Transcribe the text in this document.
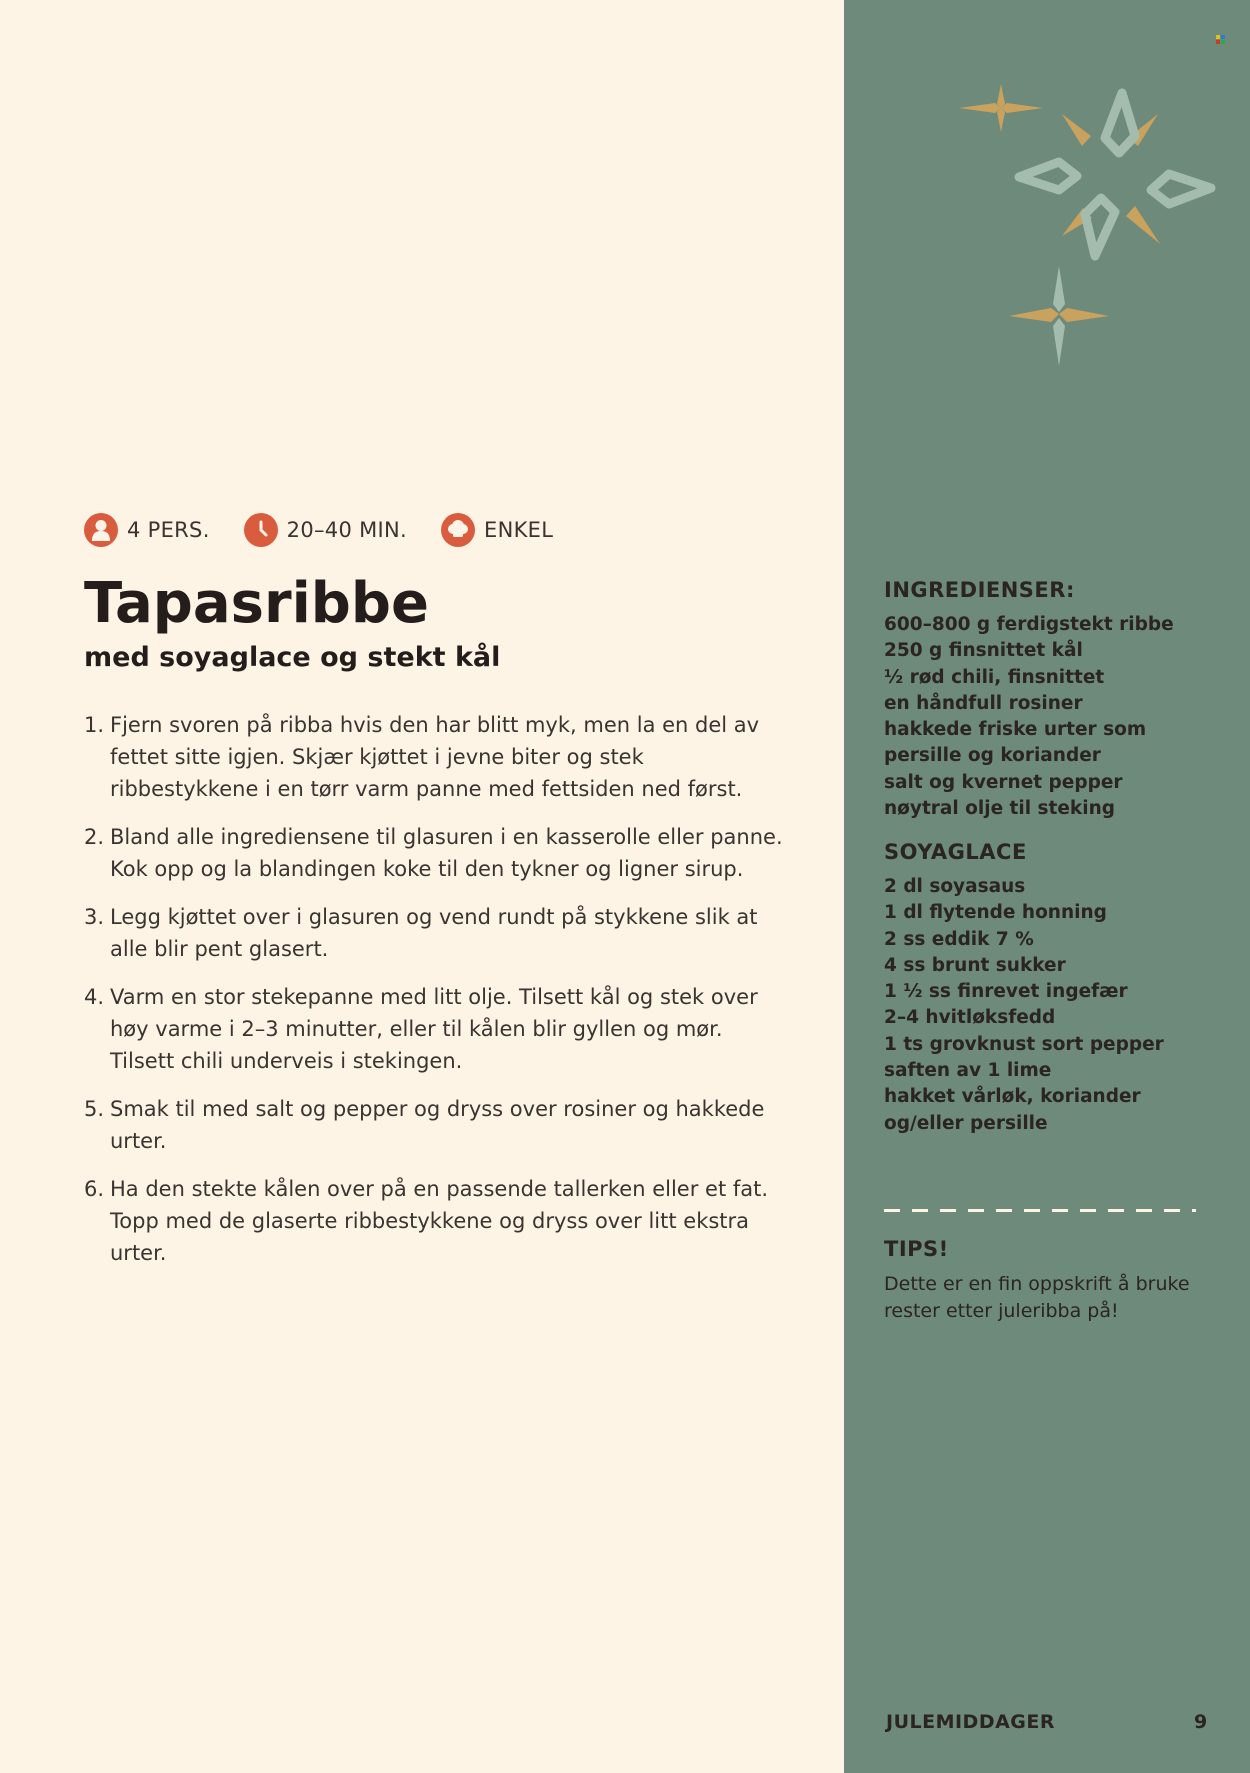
4 PERS.	20–40 MIN.	ENKEL
Tapasribbe
med soyaglace og stekt kål
1. Fjern svoren på ribba hvis den har blitt myk, men la en del av fettet sitte igjen. Skjær kjøttet i jevne biter og stek ribbestykkene i en tørr varm panne med fettsiden ned først.
2. Bland alle ingrediensene til glasuren i en kasserolle eller panne. Kok opp og la blandingen koke til den tykner og ligner sirup.
3. Legg kjøttet over i glasuren og vend rundt på stykkene slik at alle blir pent glasert.
4. Varm en stor stekepanne med litt olje. Tilsett kål og stek over høy varme i 2–3 minutter, eller til kålen blir gyllen og mør. Tilsett chili underveis i stekingen.
5. Smak til med salt og pepper og dryss over rosiner og hakkede urter.
6. Ha den stekte kålen over på en passende tallerken eller et fat. Topp med de glaserte ribbestykkene og dryss over litt ekstra urter.
INGREDIENSER:
600–800 g ferdigstekt ribbe
250 g finsnittet kål
½ rød chili, finsnittet
en håndfull rosiner
hakkede friske urter som
persille og koriander
salt og kvernet pepper
nøytral olje til steking
SOYAGLACE
2 dl soyasaus
1 dl flytende honning
2 ss eddik 7 %
4 ss brunt sukker
1 ½ ss finrevet ingefær
2–4 hvitløksfedd
1 ts grovknust sort pepper
saften av 1 lime
hakket vårløk, koriander
og/eller persille
TIPS!

Dette er en fin oppskrift å bruke rester etter juleribba på!

JULEMIDDAGER	9
